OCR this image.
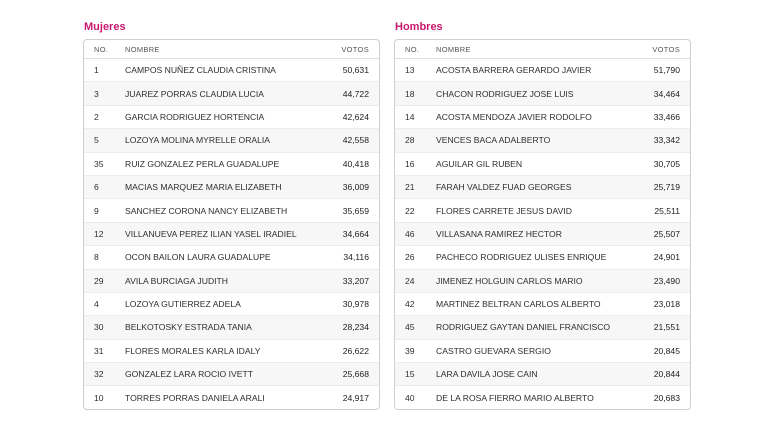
Mujeres
NO.	NOMBRE	VOTOS
1	CAMPOS NUÑEZ CLAUDIA CRISTINA	50,631
3	JUAREZ PORRAS CLAUDIA LUCIA	44,722
2	GARCIA RODRIGUEZ HORTENCIA	42,624
5	LOZOYA MOLINA MYRELLE ORALIA	42,558
35	RUIZ GONZALEZ PERLA GUADALUPE	40,418
6	MACIAS MARQUEZ MARIA ELIZABETH	36,009
9	SANCHEZ CORONA NANCY ELIZABETH	35,659
12	VILLANUEVA PEREZ ILIAN YASEL IRADIEL	34,664
8	OCON BAILON LAURA GUADALUPE	34,116
29	AVILA BURCIAGA JUDITH	33,207
4	LOZOYA GUTIERREZ ADELA	30,978
30	BELKOTOSKY ESTRADA TANIA	28,234
31	FLORES MORALES KARLA IDALY	26,622
32	GONZALEZ LARA ROCIO IVETT	25,668
10	TORRES PORRAS DANIELA ARALI	24,917
Hombres
NO.	NOMBRE	VOTOS
13	ACOSTA BARRERA GERARDO JAVIER	51,790
18	CHACON RODRIGUEZ JOSE LUIS	34,464
14	ACOSTA MENDOZA JAVIER RODOLFO	33,466
28	VENCES BACA ADALBERTO	33,342
16	AGUILAR GIL RUBEN	30,705
21	FARAH VALDEZ FUAD GEORGES	25,719
22	FLORES CARRETE JESUS DAVID	25,511
46	VILLASANA RAMIREZ HECTOR	25,507
26	PACHECO RODRIGUEZ ULISES ENRIQUE	24,901
24	JIMENEZ HOLGUIN CARLOS MARIO	23,490
42	MARTINEZ BELTRAN CARLOS ALBERTO	23,018
45	RODRIGUEZ GAYTAN DANIEL FRANCISCO	21,551
39	CASTRO GUEVARA SERGIO	20,845
15	LARA DAVILA JOSE CAIN	20,844
40	DE LA ROSA FIERRO MARIO ALBERTO	20,683
